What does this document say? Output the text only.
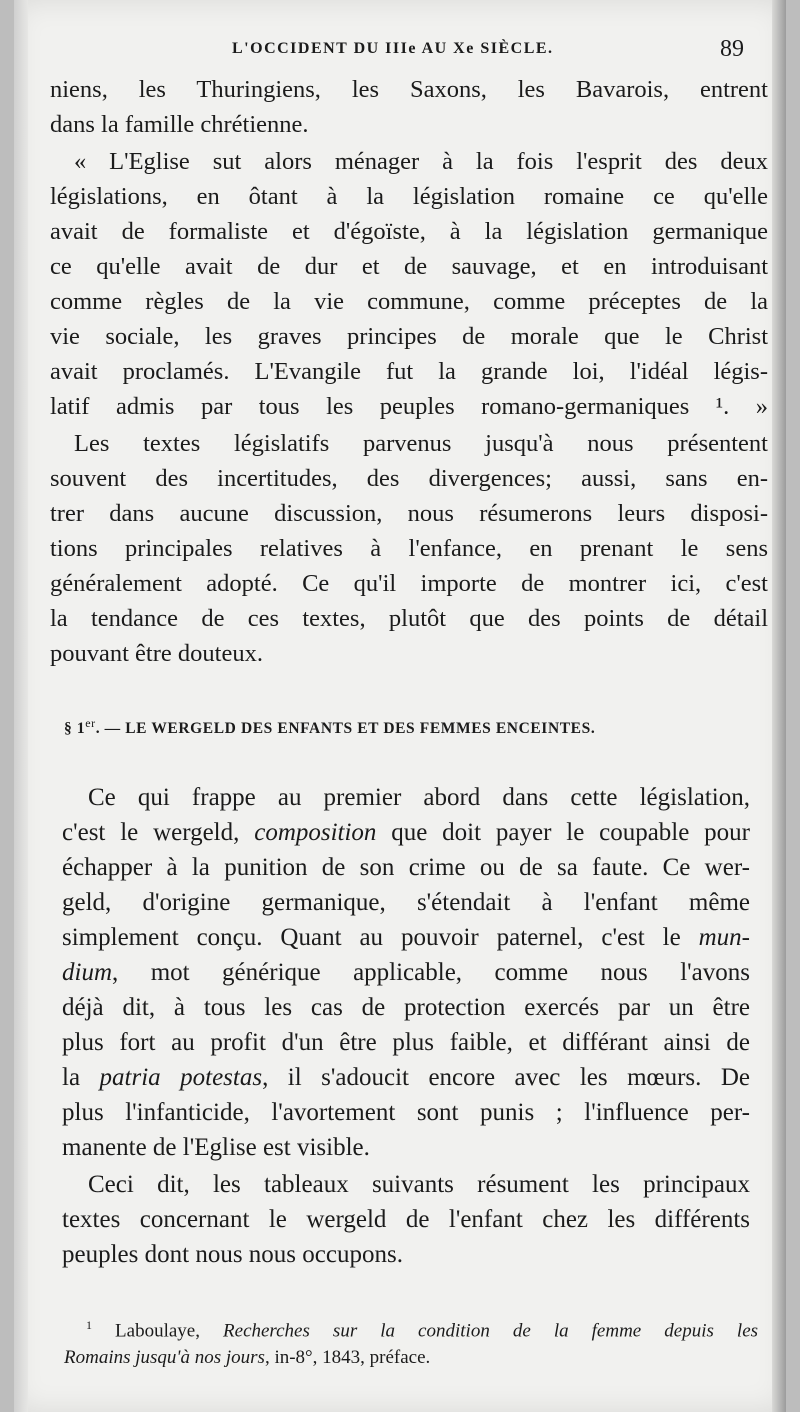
L'OCCIDENT DU IIIe AU Xe SIÈCLE.	89
niens, les Thuringiens, les Saxons, les Bavarois, entrent
dans la famille chrétienne.
« L'Eglise sut alors ménager à la fois l'esprit des deux
législations, en ôtant à la législation romaine ce qu'elle
avait de formaliste et d'égoïste, à la législation germanique
ce qu'elle avait de dur et de sauvage, et en introduisant
comme règles de la vie commune, comme préceptes de la
vie sociale, les graves principes de morale que le Christ
avait proclamés. L'Evangile fut la grande loi, l'idéal légis-
latif admis par tous les peuples romano-germaniques ¹. »
Les textes législatifs parvenus jusqu'à nous présentent
souvent des incertitudes, des divergences; aussi, sans en-
trer dans aucune discussion, nous résumerons leurs disposi-
tions principales relatives à l'enfance, en prenant le sens
généralement adopté. Ce qu'il importe de montrer ici, c'est
la tendance de ces textes, plutôt que des points de détail
pouvant être douteux.
§ 1er. — LE WERGELD DES ENFANTS ET DES FEMMES ENCEINTES.
Ce qui frappe au premier abord dans cette législation,
c'est le wergeld, composition que doit payer le coupable pour
échapper à la punition de son crime ou de sa faute. Ce wer-
geld, d'origine germanique, s'étendait à l'enfant même
simplement conçu. Quant au pouvoir paternel, c'est le mun-
dium, mot générique applicable, comme nous l'avons
déjà dit, à tous les cas de protection exercés par un être
plus fort au profit d'un être plus faible, et différant ainsi de
la patria potestas, il s'adoucit encore avec les mœurs. De
plus l'infanticide, l'avortement sont punis ; l'influence per-
manente de l'Eglise est visible.
Ceci dit, les tableaux suivants résument les principaux
textes concernant le wergeld de l'enfant chez les différents
peuples dont nous nous occupons.
$^1$ Laboulaye, Recherches sur la condition de la femme depuis les
Romains jusqu'à nos jours, in-8°, 1843, préface.
